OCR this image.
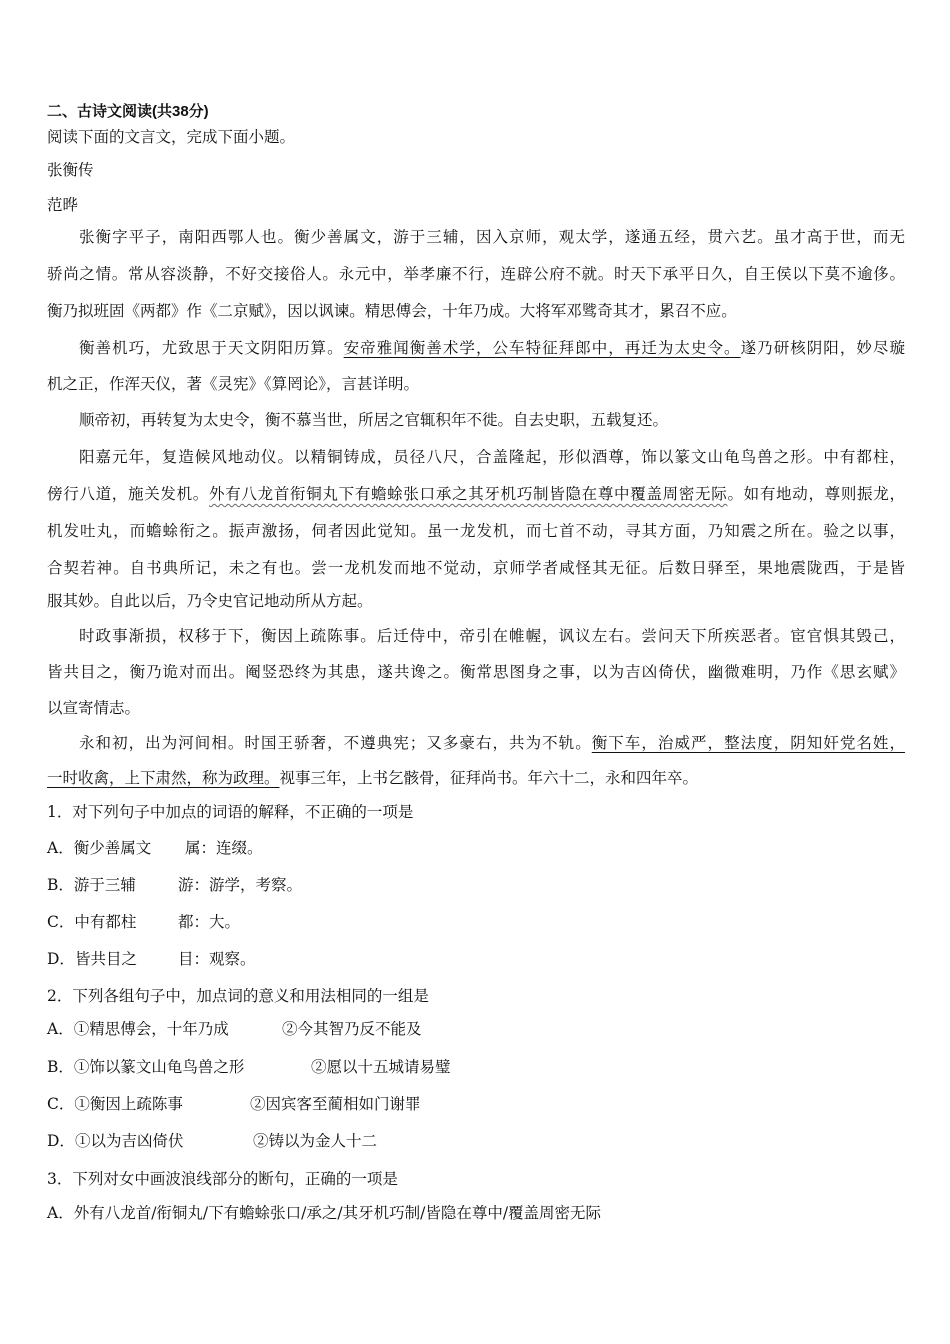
二、古诗文阅读(共38分)
阅读下面的文言文，完成下面小题。
张衡传
范晔
张衡字平子，南阳西鄂人也。衡少善属文，游于三辅，因入京师，观太学，遂通五经，贯六艺。虽才高于世，而无
骄尚之情。常从容淡静，不好交接俗人。永元中，举孝廉不行，连辟公府不就。时天下承平日久，自王侯以下莫不逾侈。
衡乃拟班固《两都》作《二京赋》，因以讽谏。精思傅会，十年乃成。大将军邓骘奇其才，累召不应。
衡善机巧，尤致思于天文阴阳历算。安帝雅闻衡善术学，公车特征拜郎中，再迁为太史令。遂乃研核阴阳，妙尽璇
机之正，作浑天仪，著《灵宪》《算罔论》，言甚详明。
顺帝初，再转复为太史令，衡不慕当世，所居之官辄积年不徙。自去史职，五载复还。
阳嘉元年，复造候风地动仪。以精铜铸成，员径八尺，合盖隆起，形似酒尊，饰以篆文山龟鸟兽之形。中有都柱，
傍行八道，施关发机。外有八龙首衔铜丸下有蟾蜍张口承之其牙机巧制皆隐在尊中覆盖周密无际。如有地动，尊则振龙，
机发吐丸，而蟾蜍衔之。振声激扬，伺者因此觉知。虽一龙发机，而七首不动，寻其方面，乃知震之所在。验之以事，
合契若神。自书典所记，未之有也。尝一龙机发而地不觉动，京师学者咸怪其无征。后数日驿至，果地震陇西，于是皆
服其妙。自此以后，乃令史官记地动所从方起。
时政事渐损，权移于下，衡因上疏陈事。后迁侍中，帝引在帷幄，讽议左右。尝问天下所疾恶者。宦官惧其毁己，
皆共目之，衡乃诡对而出。阉竖恐终为其患，遂共谗之。衡常思图身之事，以为吉凶倚伏，幽微难明，乃作《思玄赋》
以宣寄情志。
永和初，出为河间相。时国王骄奢，不遵典宪；又多豪右，共为不轨。衡下车，治威严，整法度，阴知奸党名姓，
一时收禽，上下肃然，称为政理。视事三年，上书乞骸骨，征拜尚书。年六十二，永和四年卒。
1．对下列句子中加点的词语的解释，不正确的一项是
A．衡少善属文 属：连缀。
B．游于三辅	游：游学，考察。
C．中有都柱	都：大。
D．皆共目之	目：观察。
2．下列各组句子中，加点词的意义和用法相同的一组是
A．①精思傅会，十年乃成	②今其智乃反不能及
B．①饰以篆文山龟鸟兽之形	②愿以十五城请易璧
C．①衡因上疏陈事	②因宾客至蔺相如门谢罪
D．①以为吉凶倚伏	②铸以为金人十二
3．下列对女中画波浪线部分的断句，正确的一项是
A．外有八龙首/衔铜丸/下有蟾蜍张口/承之/其牙机巧制/皆隐在尊中/覆盖周密无际
